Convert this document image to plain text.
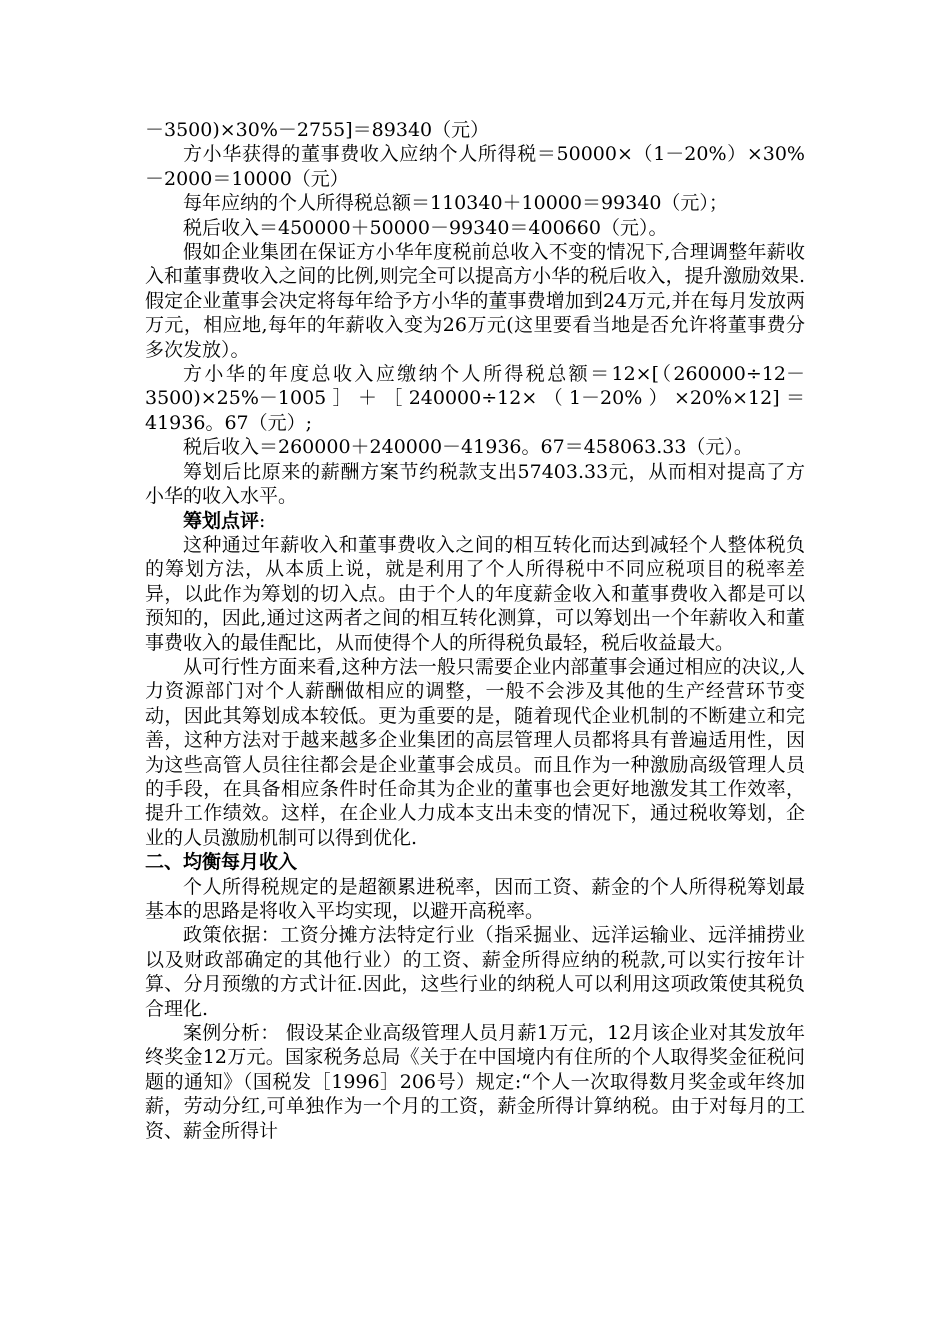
－3500)×30%－2755]＝89340（元）

方小华获得的董事费收入应纳个人所得税＝50000×（1－20%）×30%－2000＝10000（元）

每年应纳的个人所得税总额＝110340＋10000＝99340（元）；

税后收入＝450000＋50000－99340＝400660（元）。

假如企业集团在保证方小华年度税前总收入不变的情况下,合理调整年薪收入和董事费收入之间的比例,则完全可以提高方小华的税后收入，提升激励效果.假定企业董事会决定将每年给予方小华的董事费增加到24万元,并在每月发放两万元，相应地,每年的年薪收入变为26万元(这里要看当地是否允许将董事费分多次发放）。

方小华的年度总收入应缴纳个人所得税总额＝12×[（260000÷12－3500)×25%－1005］＋［240000÷12×（1－20%）×20%×12]＝41936。67（元）;

税后收入＝260000＋240000－41936。67＝458063.33（元）。

筹划后比原来的薪酬方案节约税款支出57403.33元，从而相对提高了方小华的收入水平。

筹划点评:

这种通过年薪收入和董事费收入之间的相互转化而达到减轻个人整体税负的筹划方法，从本质上说，就是利用了个人所得税中不同应税项目的税率差异，以此作为筹划的切入点。由于个人的年度薪金收入和董事费收入都是可以预知的，因此,通过这两者之间的相互转化测算，可以筹划出一个年薪收入和董事费收入的最佳配比，从而使得个人的所得税负最轻，税后收益最大。

从可行性方面来看,这种方法一般只需要企业内部董事会通过相应的决议,人力资源部门对个人薪酬做相应的调整，一般不会涉及其他的生产经营环节变动，因此其筹划成本较低。更为重要的是，随着现代企业机制的不断建立和完善，这种方法对于越来越多企业集团的高层管理人员都将具有普遍适用性，因为这些高管人员往往都会是企业董事会成员。而且作为一种激励高级管理人员的手段，在具备相应条件时任命其为企业的董事也会更好地激发其工作效率，提升工作绩效。这样，在企业人力成本支出未变的情况下，通过税收筹划，企业的人员激励机制可以得到优化.

二、均衡每月收入

个人所得税规定的是超额累进税率，因而工资、薪金的个人所得税筹划最基本的思路是将收入平均实现，以避开高税率。

政策依据：工资分摊方法特定行业（指采掘业、远洋运输业、远洋捕捞业以及财政部确定的其他行业）的工资、薪金所得应纳的税款,可以实行按年计算、分月预缴的方式计征.因此，这些行业的纳税人可以利用这项政策使其税负合理化.

案例分析： 假设某企业高级管理人员月薪1万元，12月该企业对其发放年终奖金12万元。国家税务总局《关于在中国境内有住所的个人取得奖金征税问题的通知》（国税发［1996］206号）规定:“个人一次取得数月奖金或年终加薪，劳动分红,可单独作为一个月的工资，薪金所得计算纳税。由于对每月的工资、薪金所得计
